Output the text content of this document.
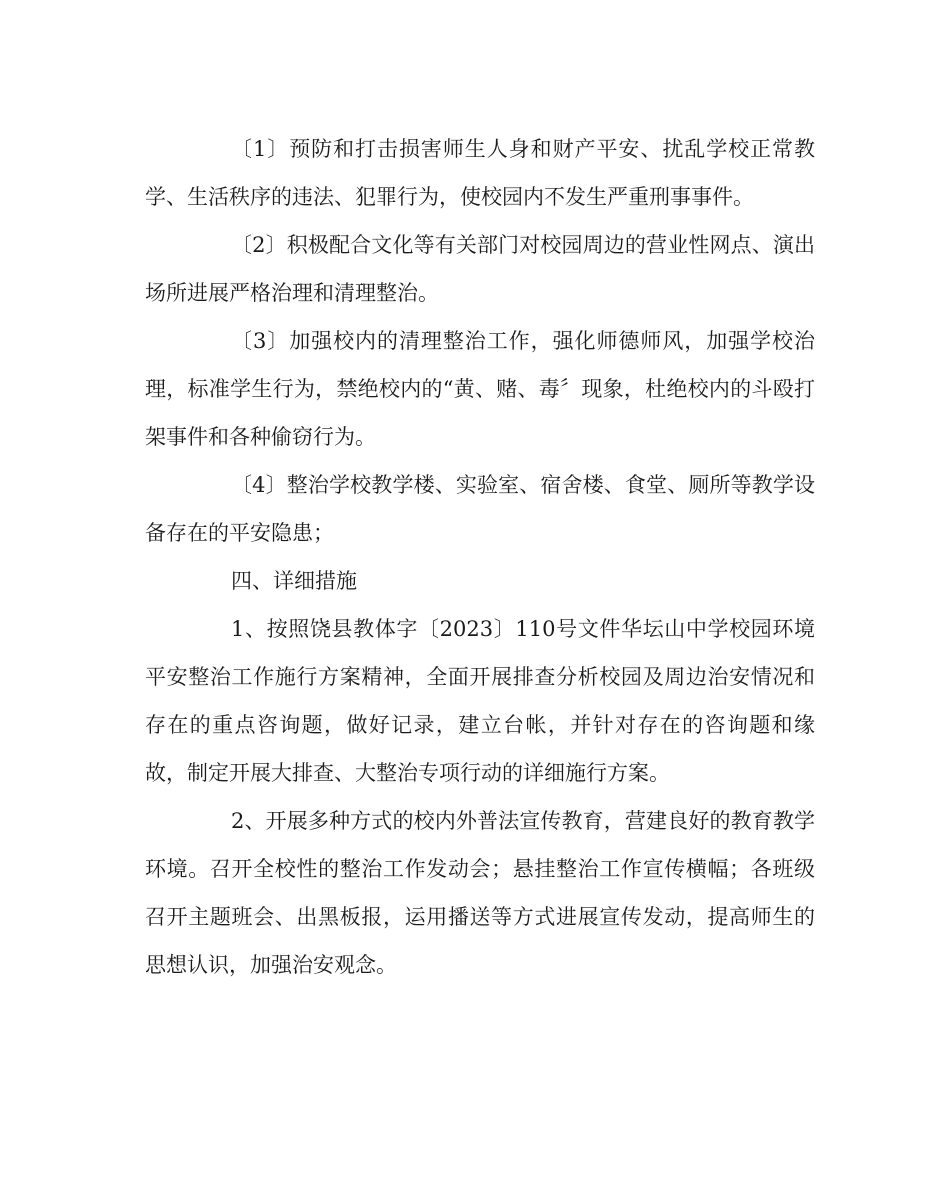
〔1〕预防和打击损害师生人身和财产平安、扰乱学校正常教学、生活秩序的违法、犯罪行为，使校园内不发生严重刑事事件。

〔2〕积极配合文化等有关部门对校园周边的营业性网点、演出场所进展严格治理和清理整治。

〔3〕加强校内的清理整治工作，强化师德师风，加强学校治理，标准学生行为，禁绝校内的“黄、赌、毒〞现象，杜绝校内的斗殴打架事件和各种偷窃行为。

〔4〕整治学校教学楼、实验室、宿舍楼、食堂、厕所等教学设备存在的平安隐患；

四、详细措施

1、按照饶县教体字〔2023〕110号文件华坛山中学校园环境平安整治工作施行方案精神，全面开展排查分析校园及周边治安情况和存在的重点咨询题，做好记录，建立台帐，并针对存在的咨询题和缘故，制定开展大排查、大整治专项行动的详细施行方案。

2、开展多种方式的校内外普法宣传教育，营建良好的教育教学环境。召开全校性的整治工作发动会；悬挂整治工作宣传横幅；各班级召开主题班会、出黑板报，运用播送等方式进展宣传发动，提高师生的思想认识，加强治安观念。
